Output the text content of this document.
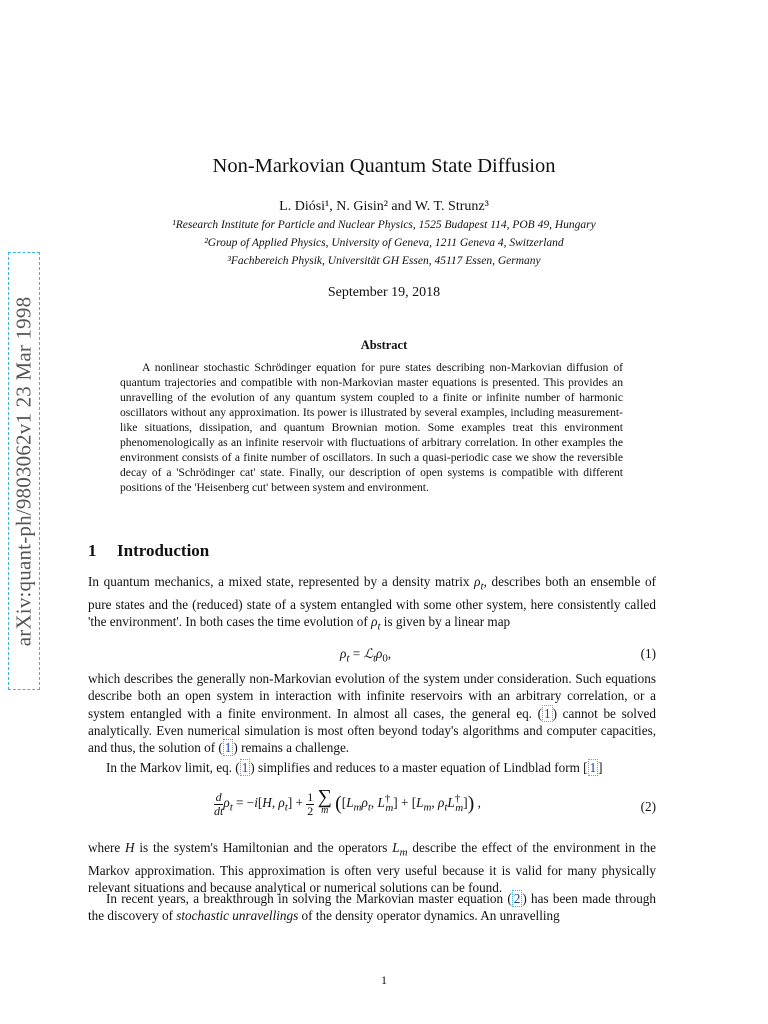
arXiv:quant-ph/9803062v1 23 Mar 1998
Non-Markovian Quantum State Diffusion
L. Diósi¹, N. Gisin² and W. T. Strunz³
¹Research Institute for Particle and Nuclear Physics, 1525 Budapest 114, POB 49, Hungary
²Group of Applied Physics, University of Geneva, 1211 Geneva 4, Switzerland
³Fachbereich Physik, Universität GH Essen, 45117 Essen, Germany
September 19, 2018
Abstract
A nonlinear stochastic Schrödinger equation for pure states describing non-Markovian diffusion of quantum trajectories and compatible with non-Markovian master equations is presented. This provides an unravelling of the evolution of any quantum system coupled to a finite or infinite number of harmonic oscillators without any approximation. Its power is illustrated by several examples, including measurement-like situations, dissipation, and quantum Brownian motion. Some examples treat this environment phenomenologically as an infinite reservoir with fluctuations of arbitrary correlation. In other examples the environment consists of a finite number of oscillators. In such a quasi-periodic case we show the reversible decay of a 'Schrödinger cat' state. Finally, our description of open systems is compatible with different positions of the 'Heisenberg cut' between system and environment.
1 Introduction
In quantum mechanics, a mixed state, represented by a density matrix $\rho_t$, describes both an ensemble of pure states and the (reduced) state of a system entangled with some other system, here consistently called 'the environment'. In both cases the time evolution of $\rho_t$ is given by a linear map
$\rho_t$ = $ℒ_t\rho_0$,	(1)
which describes the generally non-Markovian evolution of the system under consideration. Such equations describe both an open system in interaction with infinite reservoirs with an arbitrary correlation, or a system entangled with a finite environment. In almost all cases, the general eq. ( 1 ) cannot be solved analytically. Even numerical simulation is most often beyond today's algorithms and computer capacities, and thus, the solution of ( 1 ) remains a challenge.
In the Markov limit, eq. ( 1 ) simplifies and reduces to a master equation of Lindblad form [ 1 ]
$\frac{d}{dt} \rho_t = -i[H$, $\rho_t] + \frac{1}{2}$
∑
m ([$L_m\rho_t$, $L^\dagger_m] + [L_m$, $\rho_tL^\dagger_m$]) ,	(2)
where H is the system's Hamiltonian and the operators $L_m$ describe the effect of the environment in the Markov approximation. This approximation is often very useful because it is valid for many physically relevant situations and because analytical or numerical solutions can be found.
In recent years, a breakthrough in solving the Markovian master equation ( 2 ) has been made through the discovery of stochastic unravellings of the density operator dynamics. An unravelling
1
